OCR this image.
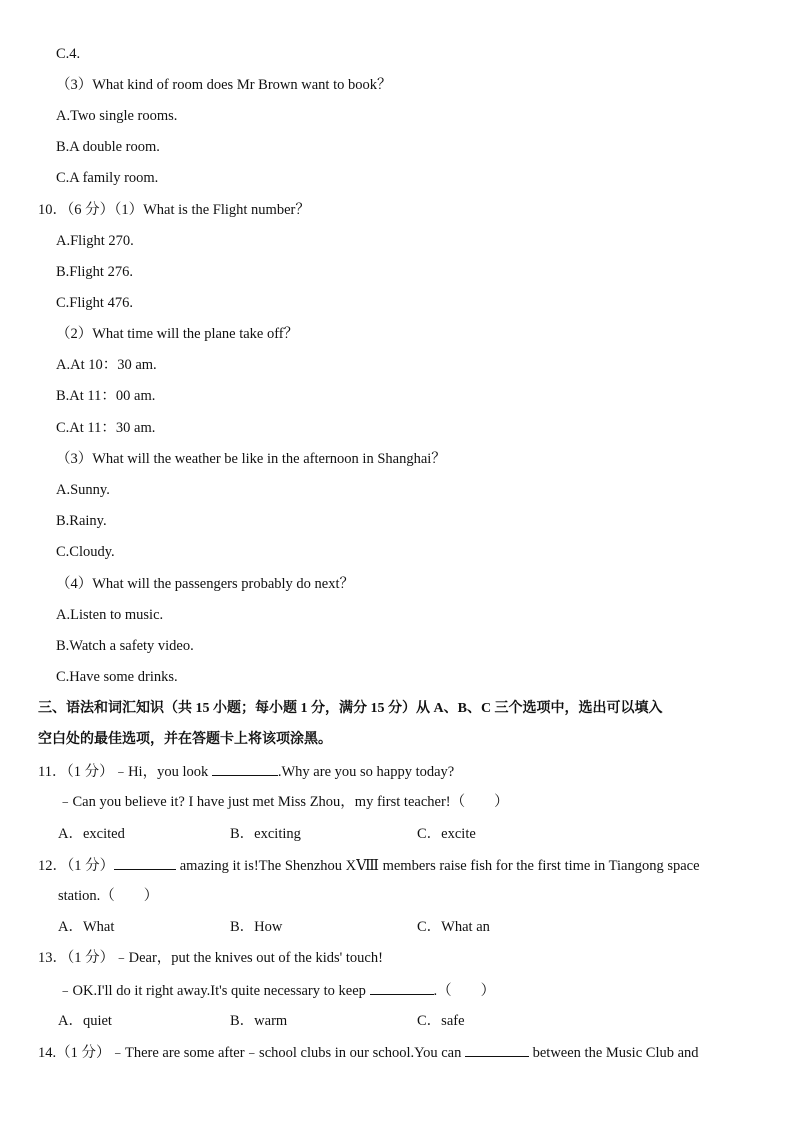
C.4.
（3）What kind of room does Mr Brown want to book？
A.Two single rooms.
B.A double room.
C.A family room.
10．（6 分）（1）What is the Flight number？
A.Flight 270.
B.Flight 276.
C.Flight 476.
（2）What time will the plane take off？
A.At 10：30 am.
B.At 11：00 am.
C.At 11：30 am.
（3）What will the weather be like in the afternoon in Shanghai？
A.Sunny.
B.Rainy.
C.Cloudy.
（4）What will the passengers probably do next？
A.Listen to music.
B.Watch a safety video.
C.Have some drinks.
三、语法和词汇知识（共 15 小题；每小题 1 分，满分 15 分）从 A、B、C 三个选项中，选出可以填入
空白处的最佳选项，并在答题卡上将该项涂黑。
11．（1 分）﹣Hi，you look	.Why are you so happy today?
﹣Can you believe it? I have just met Miss Zhou，my first teacher!（　　）
A．excited	B．exciting	C．excite
12．（1 分）	amazing it is!The Shenzhou XⅧ members raise fish for the first time in Tiangong space
station.（　　）
A．What	B．How	C．What an
13．（1 分）﹣Dear，put the knives out of the kids' touch!
﹣OK.I'll do it right away.It's quite necessary to keep	.（　　）
A．quiet	B．warm	C．safe
14.（1 分）﹣There are some after﹣school clubs in our school.You can	between the Music Club and
